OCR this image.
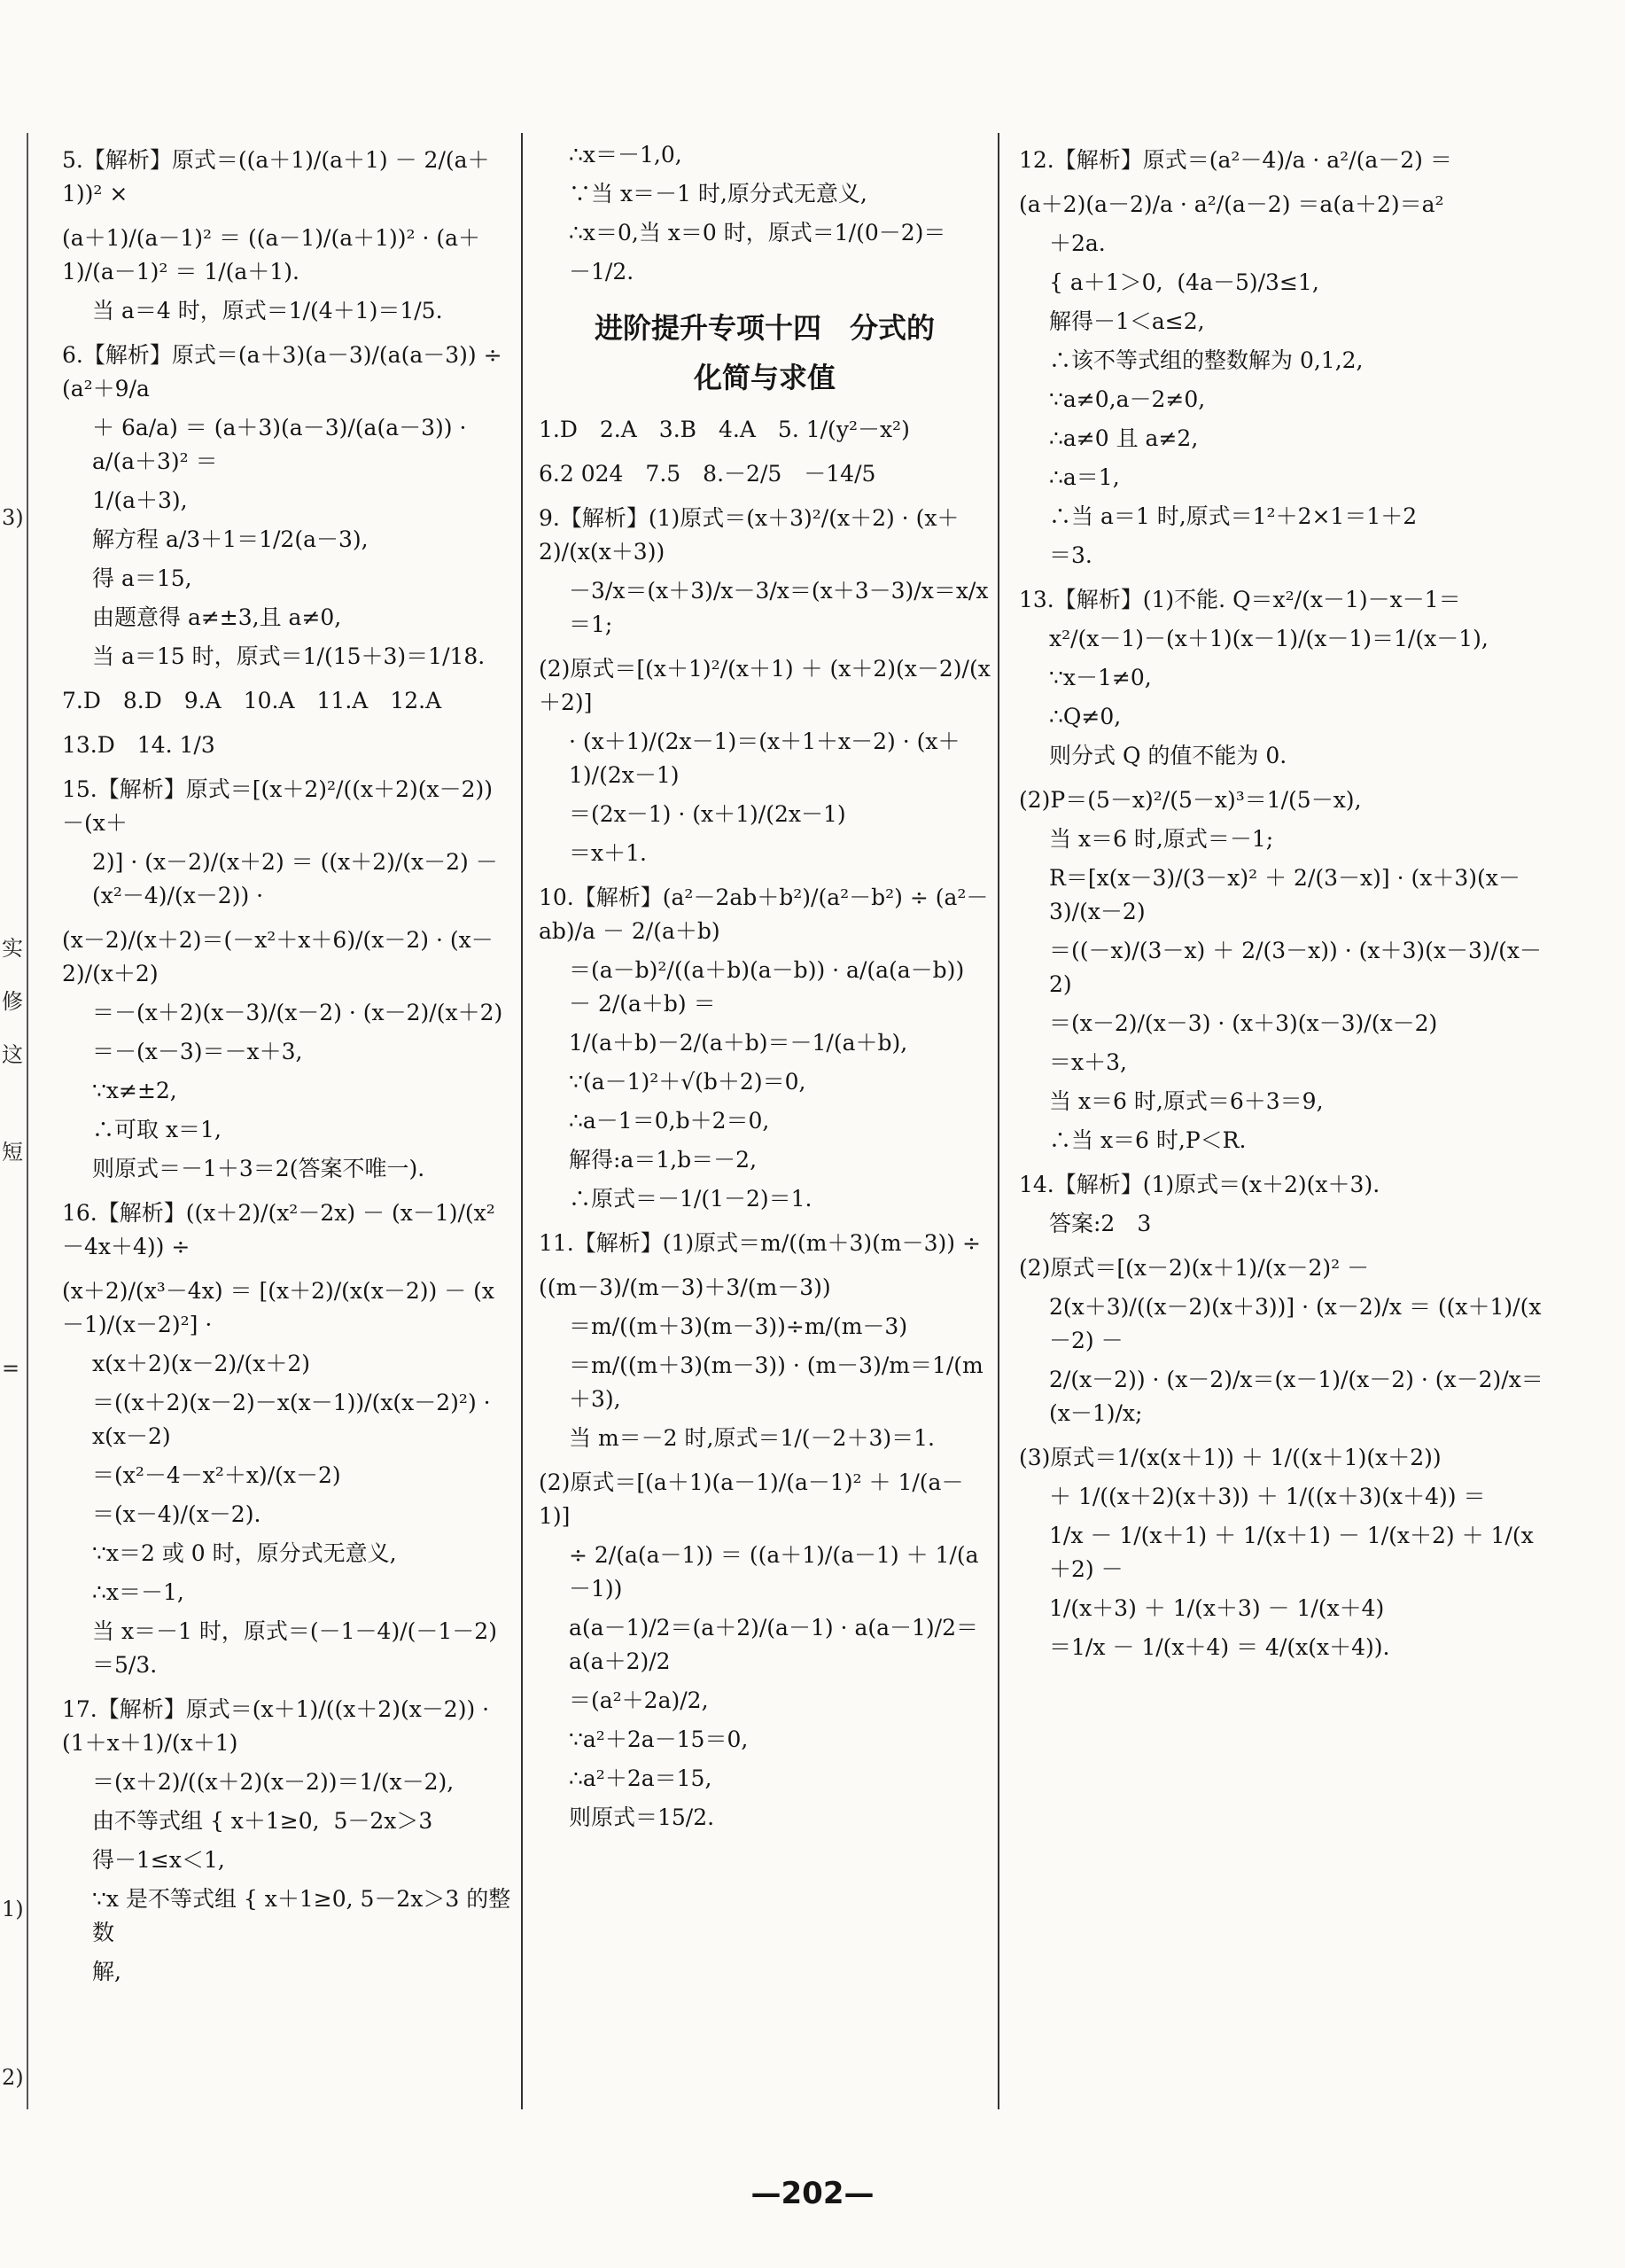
3)
实
修
这
短
=
1)
2)
5.【解析】原式＝((a＋1)/(a＋1) － 2/(a＋1))² ×
(a＋1)/(a－1)² ＝ ((a－1)/(a＋1))² · (a＋1)/(a－1)² ＝ 1/(a＋1).
当 a＝4 时，原式＝1/(4＋1)＝1/5.
6.【解析】原式＝(a＋3)(a－3)/(a(a－3)) ÷ (a²＋9/a
＋ 6a/a) ＝ (a＋3)(a－3)/(a(a－3)) · a/(a＋3)² ＝
1/(a＋3),
解方程 a/3＋1＝1/2(a－3),
得 a＝15,
由题意得 a≠±3,且 a≠0,
当 a＝15 时，原式＝1/(15＋3)＝1/18.
7.D　8.D　9.A　10.A　11.A　12.A
13.D　14. 1/3
15.【解析】原式＝[(x＋2)²/((x＋2)(x－2)) －(x＋
2)] · (x－2)/(x＋2) ＝ ((x＋2)/(x－2) － (x²－4)/(x－2)) ·
(x－2)/(x＋2)＝(－x²＋x＋6)/(x－2) · (x－2)/(x＋2)
＝－(x＋2)(x－3)/(x－2) · (x－2)/(x＋2)
＝－(x－3)＝－x＋3,
∵x≠±2,
∴可取 x＝1,
则原式＝－1＋3＝2(答案不唯一).
16.【解析】((x＋2)/(x²－2x) － (x－1)/(x²－4x＋4)) ÷
(x＋2)/(x³－4x) ＝ [(x＋2)/(x(x－2)) － (x－1)/(x－2)²] ·
x(x＋2)(x－2)/(x＋2)
＝((x＋2)(x－2)－x(x－1))/(x(x－2)²) · x(x－2)
＝(x²－4－x²＋x)/(x－2)
＝(x－4)/(x－2).
∵x＝2 或 0 时，原分式无意义,
∴x＝－1,
当 x＝－1 时，原式＝(－1－4)/(－1－2)＝5/3.
17.【解析】原式＝(x＋1)/((x＋2)(x－2)) · (1＋x＋1)/(x＋1)
＝(x＋2)/((x＋2)(x－2))＝1/(x－2),
由不等式组 { x＋1≥0,  5－2x＞3
得－1≤x＜1,
∵x 是不等式组 { x＋1≥0, 5－2x＞3 的整数
解,
∴x＝－1,0,
∵当 x＝－1 时,原分式无意义,
∴x＝0,当 x＝0 时，原式＝1/(0－2)＝
－1/2.
进阶提升专项十四　分式的
化简与求值
1.D　2.A　3.B　4.A　5. 1/(y²－x²)
6.2 024　7.5　8.－2/5　－14/5
9.【解析】(1)原式＝(x＋3)²/(x＋2) · (x＋2)/(x(x＋3))
－3/x＝(x＋3)/x－3/x＝(x＋3－3)/x＝x/x＝1;
(2)原式＝[(x＋1)²/(x＋1) ＋ (x＋2)(x－2)/(x＋2)]
· (x＋1)/(2x－1)＝(x＋1＋x－2) · (x＋1)/(2x－1)
＝(2x－1) · (x＋1)/(2x－1)
＝x＋1.
10.【解析】(a²－2ab＋b²)/(a²－b²) ÷ (a²－ab)/a － 2/(a＋b)
＝(a－b)²/((a＋b)(a－b)) · a/(a(a－b)) － 2/(a＋b) ＝
1/(a＋b)－2/(a＋b)＝－1/(a＋b),
∵(a－1)²＋√(b＋2)＝0,
∴a－1＝0,b＋2＝0,
解得:a＝1,b＝－2,
∴原式＝－1/(1－2)＝1.
11.【解析】(1)原式＝m/((m＋3)(m－3)) ÷
((m－3)/(m－3)＋3/(m－3))
＝m/((m＋3)(m－3))÷m/(m－3)
＝m/((m＋3)(m－3)) · (m－3)/m＝1/(m＋3),
当 m＝－2 时,原式＝1/(－2＋3)＝1.
(2)原式＝[(a＋1)(a－1)/(a－1)² ＋ 1/(a－1)]
÷ 2/(a(a－1)) ＝ ((a＋1)/(a－1) ＋ 1/(a－1))
a(a－1)/2＝(a＋2)/(a－1) · a(a－1)/2＝a(a＋2)/2
＝(a²＋2a)/2,
∵a²＋2a－15＝0,
∴a²＋2a＝15,
则原式＝15/2.
12.【解析】原式＝(a²－4)/a · a²/(a－2) ＝
(a＋2)(a－2)/a · a²/(a－2) ＝a(a＋2)＝a²
＋2a.
{ a＋1＞0,  (4a－5)/3≤1,
解得－1＜a≤2,
∴该不等式组的整数解为 0,1,2,
∵a≠0,a－2≠0,
∴a≠0 且 a≠2,
∴a＝1,
∴当 a＝1 时,原式＝1²＋2×1＝1＋2
＝3.
13.【解析】(1)不能. Q＝x²/(x－1)－x－1＝
x²/(x－1)－(x＋1)(x－1)/(x－1)＝1/(x－1),
∵x－1≠0,
∴Q≠0,
则分式 Q 的值不能为 0.
(2)P＝(5－x)²/(5－x)³＝1/(5－x),
当 x＝6 时,原式＝－1;
R＝[x(x－3)/(3－x)² ＋ 2/(3－x)] · (x＋3)(x－3)/(x－2)
＝((－x)/(3－x) ＋ 2/(3－x)) · (x＋3)(x－3)/(x－2)
＝(x－2)/(x－3) · (x＋3)(x－3)/(x－2)
＝x＋3,
当 x＝6 时,原式＝6＋3＝9,
∴当 x＝6 时,P＜R.
14.【解析】(1)原式＝(x＋2)(x＋3).
答案:2　3
(2)原式＝[(x－2)(x＋1)/(x－2)² －
2(x＋3)/((x－2)(x＋3))] · (x－2)/x ＝ ((x＋1)/(x－2) －
2/(x－2)) · (x－2)/x＝(x－1)/(x－2) · (x－2)/x＝(x－1)/x;
(3)原式＝1/(x(x＋1)) ＋ 1/((x＋1)(x＋2))
＋ 1/((x＋2)(x＋3)) ＋ 1/((x＋3)(x＋4)) ＝
1/x － 1/(x＋1) ＋ 1/(x＋1) － 1/(x＋2) ＋ 1/(x＋2) －
1/(x＋3) ＋ 1/(x＋3) － 1/(x＋4)
＝1/x － 1/(x＋4) ＝ 4/(x(x＋4)).
—202—
